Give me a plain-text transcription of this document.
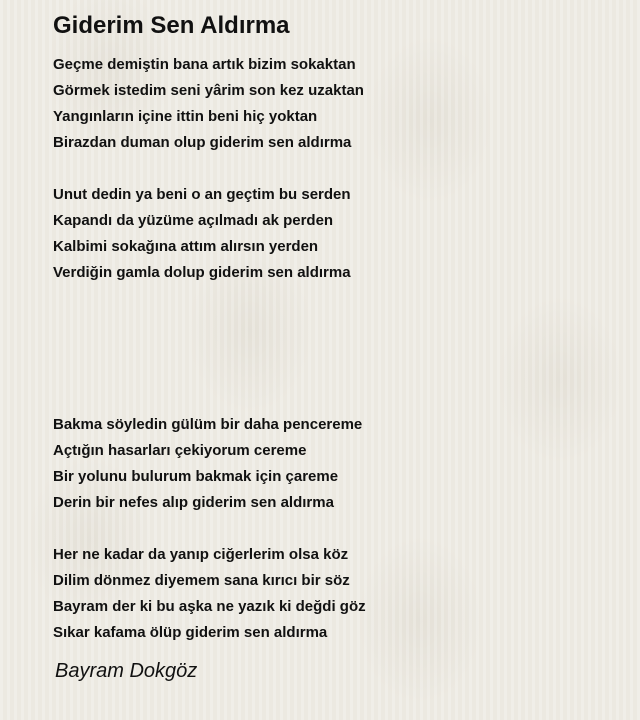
Giderim Sen Aldırma
Geçme demiştin bana artık bizim sokaktan
Görmek istedim seni yârim son kez uzaktan
Yangınların içine ittin beni hiç yoktan
Birazdan duman olup giderim sen aldırma
Unut dedin ya beni o an geçtim bu serden
Kapandı da yüzüme açılmadı ak perden
Kalbimi sokağına attım alırsın yerden
Verdiğin gamla dolup giderim sen aldırma
Bakma söyledin gülüm bir daha pencereme
Açtığın hasarları çekiyorum cereme
Bir yolunu bulurum bakmak için çareme
Derin bir nefes alıp giderim sen aldırma
Her ne kadar da yanıp ciğerlerim olsa köz
Dilim dönmez diyemem sana kırıcı bir söz
Bayram der ki bu aşka ne yazık ki değdi göz
Sıkar kafama ölüp giderim sen aldırma
Bayram Dokgöz
